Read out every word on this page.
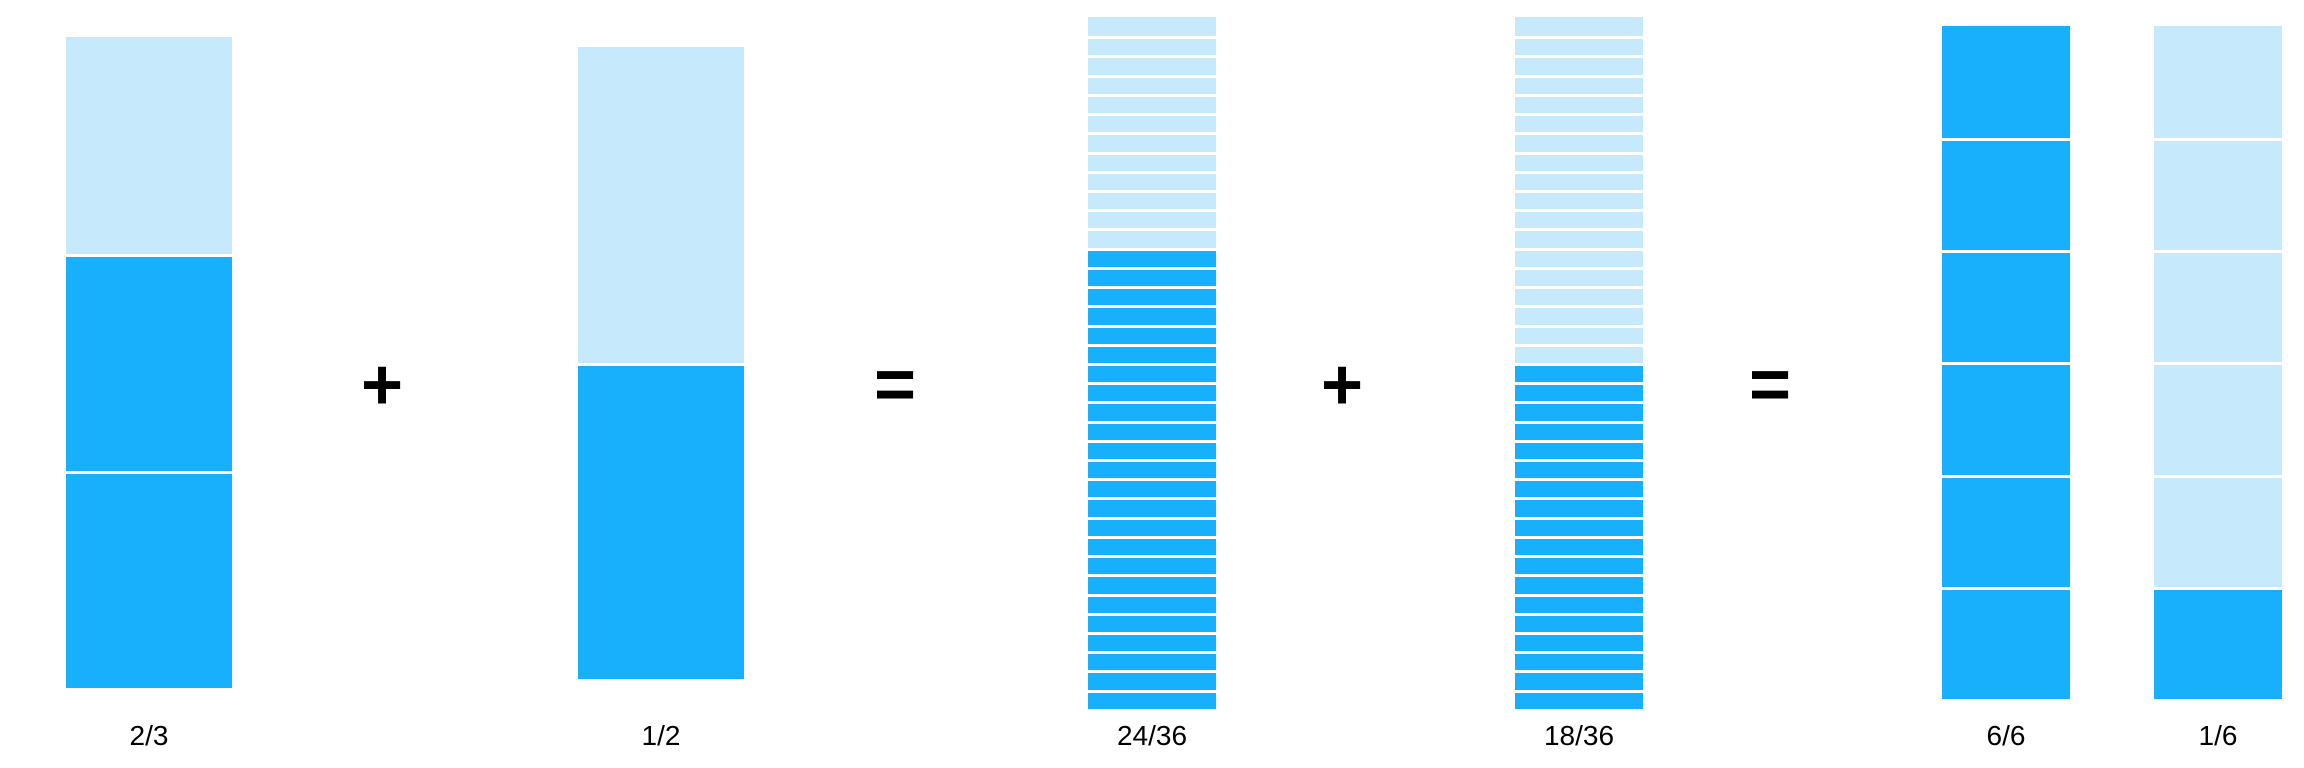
+	=	+	=
2/3	1/2	24/36	18/36	6/6	1/6
